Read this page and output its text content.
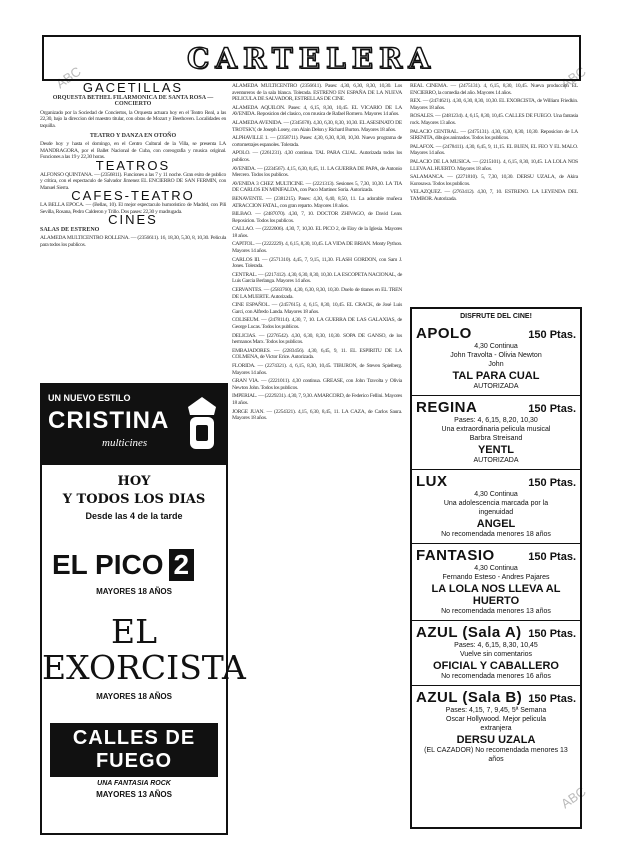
ABC	ABC
ABC
CARTELERA
GACETILLAS
ORQUESTA BETHEL FILARMONICA DE SANTA ROSA — CONCIERTO

Organizado por la Sociedad de Conciertos, la Orquesta actuara hoy en el Teatro Real, a las 22,30, bajo la direccion del maestro titular, con obras de Mozart y Beethoven. Localidades en taquilla.

TEATRO Y DANZA EN OTOÑO

Desde hoy y hasta el domingo, en el Centro Cultural de la Villa, se presenta LA MANDRAGORA, por el Ballet Nacional de Cuba, con coreografia y musica original. Funciones a las 19 y 22,30 horas.

TEATROS

ALFONSO QUINTANA. — (2356811). Funciones a las 7 y 11 noche. Gran exito de publico y critica, con el espectaculo de Salvador Jimenez EL ENCIERRO DE SAN FERMIN, con Manuel Sierra.

CAFES-TEATRO

LA BELLA EPOCA. — (Bellas, 10). El mejor espectaculo humoristico de Madrid, con Pili Sevilla, Rosana, Pedro Calderon y Trillo. Dos pases: 22,30 y madrugada.

CINES
SALAS DE ESTRENO

ALAMEDA MULTICENTRO ROLLENA. — (2356611). 16, 18,30, 5,30, 8, 10,30. Pelicula para todos los publicos.

ALAMEDA MULTICENTRO (2356611). Pases: 4,30, 6,30, 8,30, 10,30. Los aventureros de la sala blanca. Tolerada. ESTRENO EN ESPAÑA DE LA NUEVA PELICULA DE SALVADOR, ESTRELLAS DE CINE.

ALAMEDA AQUILON. Pases: 4, 6,15, 8,30, 10,45. EL VICARIO DE LA AVENIDA. Reposicion del clasico, con musica de Rafael Romero. Mayores 14 años.

ALAMEDA AVENIDA. — (2345678). 4,30, 6,30, 8,30, 10,30. EL ASESINATO DE TROTSKY, de Joseph Losey, con Alain Delon y Richard Burton. Mayores 18 años.

ALPHAVILLE 1. — (2358711). Pases: 4,30, 6,30, 8,30, 10,30. Nuevo programa de cortometrajes espanoles. Tolerada.

APOLO. — (2261231). 4,30 continua. TAL PARA CUAL. Autorizada todos los publicos.

AVENIDA. — (2234567). 4,15, 6,30, 8,45, 11. LA GUERRA DE PAPA, de Antonio Mercero. Todos los publicos.

AVENIDA 3 CHEZ MULTICINE. — (2221313). Sesiones 5, 7,30, 10,30. LA TIA DE CARLOS EN MINIFALDA, con Paco Martinez Soria. Autorizada.

BENAVENTE. — (2381215). Pases: 4,30, 6,40, 8,50, 11. La adorable muñeca ATRACCION FATAL, con gran reparto. Mayores 18 años.

BILBAO. — (2487070). 4,30, 7, 10. DOCTOR ZHIVAGO, de David Lean. Reposicion. Todos los publicos.

CALLAO. — (2222006). 4,30, 7, 10,30. EL PICO 2, de Eloy de la Iglesia. Mayores 18 años.

CAPITOL. — (2222229). 4, 6,15, 8,30, 10,45. LA VIDA DE BRIAN. Monty Python. Mayores 14 años.

CARLOS III. — (2571310). 4,45, 7, 9,15, 11,30. FLASH GORDON, con Sam J. Jones. Tolerada.

CENTRAL. — (2217412). 4,30, 6,30, 8,30, 10,30. LA ESCOPETA NACIONAL, de Luis Garcia Berlanga. Mayores 14 años.

CERVANTES. — (2583760). 4,30, 6,30, 8,30, 10,30. Duelo de titanes en EL TREN DE LA MUERTE. Autorizada.

CINE ESPAÑOL. — (2457615). 4, 6,15, 8,30, 10,45. EL CRACK, de José Luis Garci, con Alfredo Landa. Mayores 18 años.

COLISEUM. — (2478114). 4,30, 7, 10. LA GUERRA DE LAS GALAXIAS, de George Lucas. Todos los publicos.

DELICIAS. — (2276542). 4,30, 6,30, 8,30, 10,30. SOPA DE GANSO, de los hermanos Marx. Todos los publicos.

EMBAJADORES. — (2283456). 4,30, 6,45, 9, 11. EL ESPIRITU DE LA COLMENA, de Victor Erice. Autorizada.

FLORIDA. — (2274321). 4, 6,15, 8,30, 10,45. TIBURON, de Steven Spielberg. Mayores 14 años.

GRAN VIA. — (2221011). 4,30 continua. GREASE, con John Travolta y Olivia Newton John. Todos los publicos.

IMPERIAL. — (2229231). 4,30, 7, 9,30. AMARCORD, de Federico Fellini. Mayores 18 años.

JORGE JUAN. — (2254321). 4,15, 6,30, 8,45, 11. LA CAZA, de Carlos Saura. Mayores 18 años.

REAL CINEMA. — (2475131). 4, 6,15, 8,30, 10,45. Nueva produccion EL ENCIERRO, la comedia del año. Mayores 14 años.

REX. — (2474621). 4,30, 6,30, 8,30, 10,30. EL EXORCISTA, de William Friedkin. Mayores 18 años.

ROSALES. — (2481234). 4, 6,15, 8,30, 10,45. CALLES DE FUEGO. Una fantasia rock. Mayores 13 años.

PALACIO CENTRAL. — (2475131). 4,30, 6,30, 8,30, 10,30. Reposicion de LA SIRENITA, dibujos animados. Todos los publicos.

PALAFOX. — (2478411). 4,30, 6,45, 9, 11,15. EL BUEN, EL FEO Y EL MALO. Mayores 14 años.

PALACIO DE LA MUSICA. — (2215101). 4, 6,15, 8,30, 10,45. LA LOLA NOS LLEVA AL HUERTO. Mayores 18 años.

SALAMANCA. — (2271810). 5, 7,30, 10,30. DERSU UZALA, de Akira Kurosawa. Todos los publicos.

VELAZQUEZ. — (2763412). 4,30, 7, 10. ESTRENO. LA LEYENDA DEL TAMBOR. Autorizada.

UN NUEVO ESTILO
CRISTINA
multicines
HOY
Y TODOS LOS DIAS
Desde las 4 de la tarde
EL PICO 2
MAYORES 18 AÑOS
EL
EXORCISTA
MAYORES 18 AÑOS
CALLES DE FUEGO
UNA FANTASIA ROCK
MAYORES 13 AÑOS
DISFRUTE DEL CINE!
APOLO	150 Ptas.
4,30 Continua
John Travolta - Olivia Newton
John
TAL PARA CUAL
AUTORIZADA
REGINA	150 Ptas.
Pases: 4, 6,15, 8,20, 10,30
Una extraordinaria pelicula musical
Barbra Streisand
YENTL
AUTORIZADA
LUX	150 Ptas.
4,30 Continua
Una adolescencia marcada por la
ingenuidad
ANGEL
No recomendada menores 18 años
FANTASIO	150 Ptas.
4,30 Continua
Fernando Esteso - Andres Pajares
LA LOLA NOS LLEVA AL HUERTO
No recomendada menores 13 años
AZUL (Sala A) 150 Ptas.
Pases: 4, 6,15, 8,30, 10,45
Vuelve sin comentarios
OFICIAL Y CABALLERO
No recomendada menores 16 años
AZUL (Sala B) 150 Ptas.
Pases: 4,15, 7, 9,45, 5ª Semana
Oscar Hollywood. Mejor pelicula
extranjera
DERSU UZALA
(EL CAZADOR) No recomendada menores 13 años
